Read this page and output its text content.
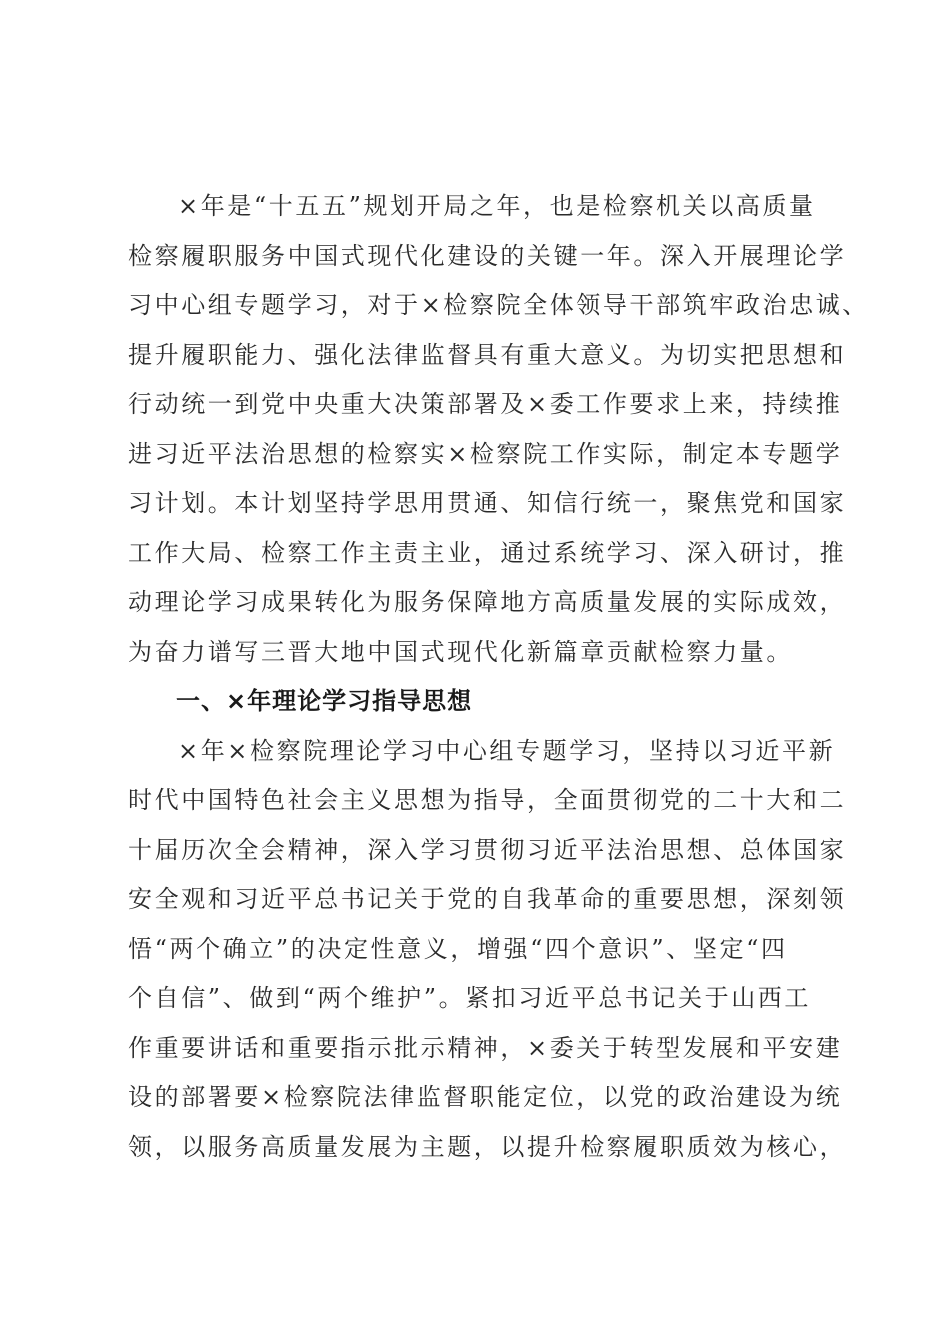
×年是“十五五”规划开局之年，也是检察机关以高质量
检察履职服务中国式现代化建设的关键一年。深入开展理论学
习中心组专题学习，对于×检察院全体领导干部筑牢政治忠诚、
提升履职能力、强化法律监督具有重大意义。为切实把思想和
行动统一到党中央重大决策部署及×委工作要求上来，持续推
进习近平法治思想的检察实×检察院工作实际，制定本专题学
习计划。本计划坚持学思用贯通、知信行统一，聚焦党和国家
工作大局、检察工作主责主业，通过系统学习、深入研讨，推
动理论学习成果转化为服务保障地方高质量发展的实际成效，
为奋力谱写三晋大地中国式现代化新篇章贡献检察力量。
一、×年理论学习指导思想
×年×检察院理论学习中心组专题学习，坚持以习近平新
时代中国特色社会主义思想为指导，全面贯彻党的二十大和二
十届历次全会精神，深入学习贯彻习近平法治思想、总体国家
安全观和习近平总书记关于党的自我革命的重要思想，深刻领
悟“两个确立”的决定性意义，增强“四个意识”、坚定“四
个自信”、做到“两个维护”。紧扣习近平总书记关于山西工
作重要讲话和重要指示批示精神，×委关于转型发展和平安建
设的部署要×检察院法律监督职能定位，以党的政治建设为统
领，以服务高质量发展为主题，以提升检察履职质效为核心，
